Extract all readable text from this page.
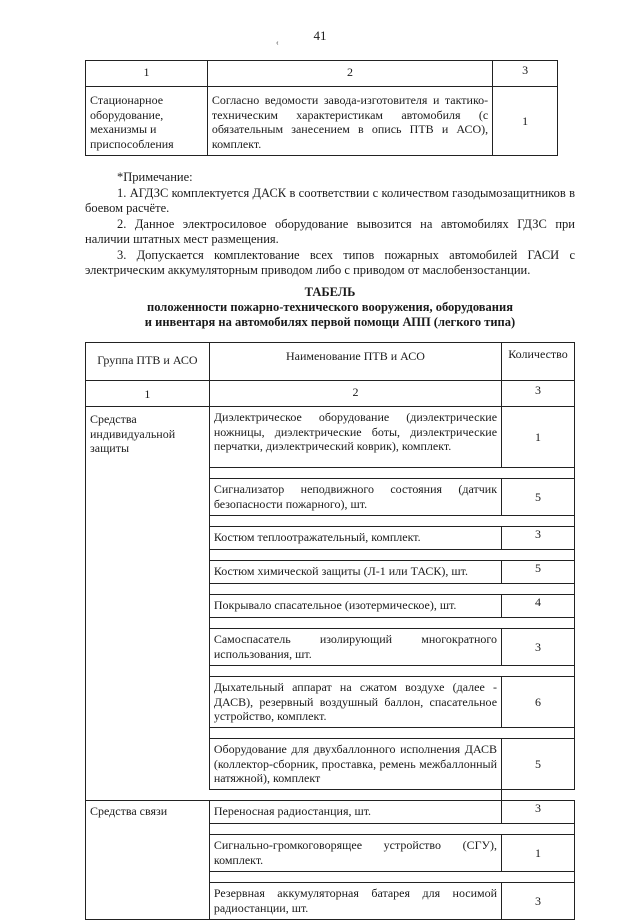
41
ՙ
1	2	3
Стационарное оборудование, механизмы и приспособления	Согласно ведомости завода-изготовителя и тактико-техническим характеристикам автомобиля (с обязательным занесением в опись ПТВ и АСО), комплект.	1

*Примечание:

1. АГДЗС комплектуется ДАСК в соответствии с количеством газодымозащитников в боевом расчёте.

2. Данное электросиловое оборудование вывозится на автомобилях ГДЗС при наличии штатных мест размещения.

3. Допускается комплектование всех типов пожарных автомобилей ГАСИ с электрическим аккумуляторным приводом либо с приводом от маслобензостанции.

ТАБЕЛЬ
положенности пожарно-технического вооружения, оборудования
и инвентаря на автомобилях первой помощи АПП (легкого типа)
Группа ПТВ и АСО	Наименование ПТВ и АСО	Количество
1	2	3

Средства индивидуальной защиты	Диэлектрическое оборудование (диэлектрические ножницы, диэлектрические боты, диэлектрические перчатки, диэлектрический коврик), комплект.	1

	Сигнализатор неподвижного состояния (датчик безопасности пожарного), шт.	5

	Костюм теплоотражательный, комплект.	3

	Костюм химической защиты (Л-1 или ТАСК), шт.	5

	Покрывало спасательное (изотермическое), шт.	4

	Самоспасатель изолирующий многократного использования, шт.	3

	Дыхательный аппарат на сжатом воздухе (далее - ДАСВ), резервный воздушный баллон, спасательное устройство, комплект.	6

	Оборудование для двухбаллонного исполнения ДАСВ (коллектор-сборник, проставка, ремень межбаллонный натяжной), комплект	5

Средства связи	Переносная радиостанция, шт.	3

	Сигнально-громкоговорящее устройство (СГУ), комплект.	1

	Резервная аккумуляторная батарея для носимой радиостанции, шт.	3
